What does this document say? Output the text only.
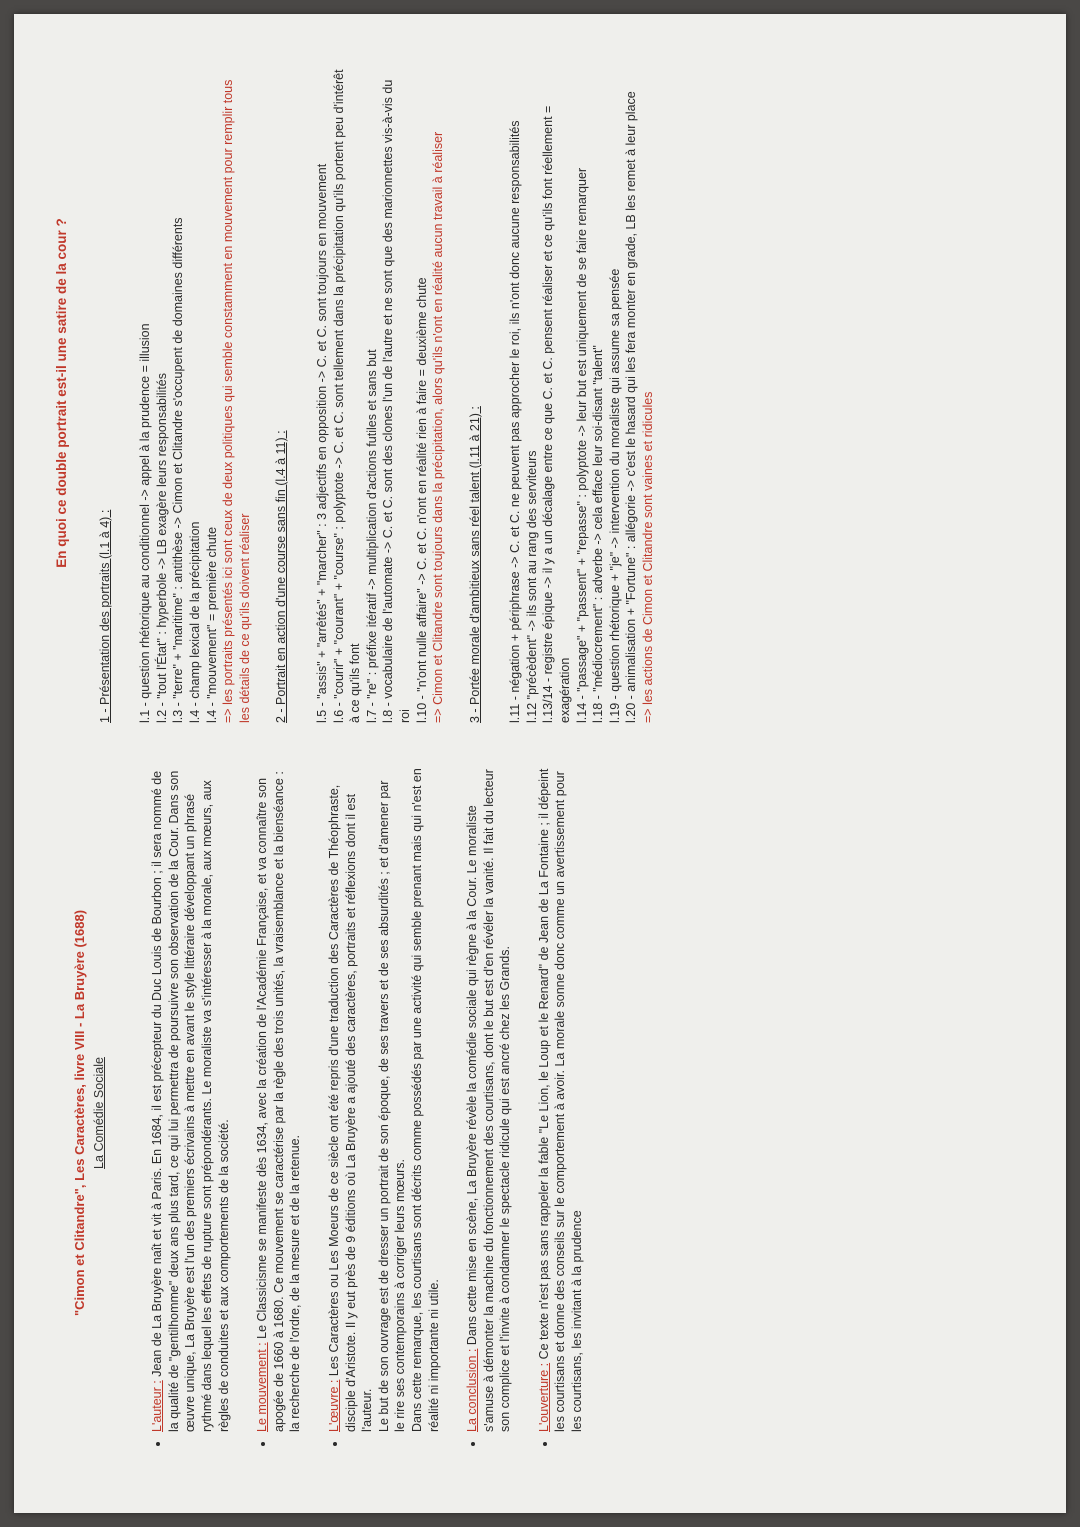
"Cimon et Clitandre", Les Caractères, livre VIII - La Bruyère (1688) La Comédie Sociale
• L'auteur : Jean de La Bruyère naît et vit à Paris. En 1684, il est précepteur du Duc Louis de Bourbon ; il sera nommé de la qualité de "gentilhomme" deux ans plus tard, ce qui lui permettra de poursuivre son observation de la Cour. Dans son œuvre unique, La Bruyère est l'un des premiers écrivains à mettre en avant le style littéraire développant un phrasé rythmé dans lequel les effets de rupture sont prépondérants. Le moraliste va s'intéresser à la morale, aux mœurs, aux règles de conduites et aux comportements de la société. • Le mouvement : Le Classicisme se manifeste dès 1634, avec la création de l'Académie Française, et va connaître son apogée de 1660 à 1680. Ce mouvement se caractérise par la règle des trois unités, la vraisemblance et la bienséance : la recherche de l'ordre, de la mesure et de la retenue. • L'œuvre : Les Caractères ou Les Moeurs de ce siècle ont été repris d'une traduction des Caractères de Théophraste, disciple d'Aristote. Il y eut près de 9 éditions où La Bruyère a ajouté des caractères, portraits et réflexions dont il est l'auteur. Le but de son ouvrage est de dresser un portrait de son époque, de ses travers et de ses absurdités ; et d'amener par le rire ses contemporains à corriger leurs mœurs. Dans cette remarque, les courtisans sont décrits comme possédés par une activité qui semble prenant mais qui n'est en réalité ni importante ni utile. • La conclusion : Dans cette mise en scène, La Bruyère révèle la comédie sociale qui règne à la Cour. Le moraliste s'amuse à démonter la machine du fonctionnement des courtisans, dont le but est d'en révéler la vanité. Il fait du lecteur son complice et l'invite à condamner le spectacle ridicule qui est ancré chez les Grands. • L'ouverture : Ce texte n'est pas sans rappeler la fable "Le Lion, le Loup et le Renard" de Jean de La Fontaine ; il dépeint les courtisans et donne des conseils sur le comportement à avoir. La morale sonne donc comme un avertissement pour les courtisans, les invitant à la prudence
En quoi ce double portrait est-il une satire de la cour ?
1 - Présentation des portraits (l.1 à 4) : l.1 - question rhétorique au conditionnel -> appel à la prudence = illusion l.2 - "tout l'État" : hyperbole -> LB exagère leurs responsabilités l.3 - "terre" + "maritime" : antithèse -> Cimon et Clitandre s'occupent de domaines différents l.4 - champ lexical de la précipitation l.4 - "mouvement" = première chute => les portraits présentés ici sont ceux de deux politiques qui semble constamment en mouvement pour remplir tous les détails de ce qu'ils doivent réaliser 2 - Portrait en action d'une course sans fin (l.4 à 11) : l.5 - "assis" + "arrêtés" + "marcher" : 3 adjectifs en opposition -> C. et C. sont toujours en mouvement l.6 - "courir" + "courant" + "course" : polyptote -> C. et C. sont tellement dans la précipitation qu'ils portent peu d'intérêt à ce qu'ils font l.7 - "re" : préfixe itératif -> multiplication d'actions futiles et sans but l.8 - vocabulaire de l'automate -> C. et C. sont des clones l'un de l'autre et ne sont que des marionnettes vis-à-vis du roi l.10 - "n'ont nulle affaire" -> C. et C. n'ont en réalité rien à faire = deuxième chute => Cimon et Clitandre sont toujours dans la précipitation, alors qu'ils n'ont en réalité aucun travail à réaliser 3 - Portée morale d'ambitieux sans réel talent (l.11 à 21) : l.11 - négation + périphrase -> C. et C. ne peuvent pas approcher le roi, ils n'ont donc aucune responsabilités l.12 "précèdent" -> ils sont au rang des serviteurs l.13/14 - registre épique -> il y a un décalage entre ce que C. et C. pensent réaliser et ce qu'ils font réellement = exagération l.14 - "passage" + "passent" + "repasse" : polyptote -> leur but est uniquement de se faire remarquer l.18 - "médiocrement" : adverbe -> cela efface leur soi-disant "talent" l.19 - question rhétorique + "je" -> intervention du moraliste qui assume sa pensée l.20 - animalisation + "Fortune" : allégorie -> c'est le hasard qui les fera monter en grade, LB les remet à leur place => les actions de Cimon et Clitandre sont vaines et ridicules
